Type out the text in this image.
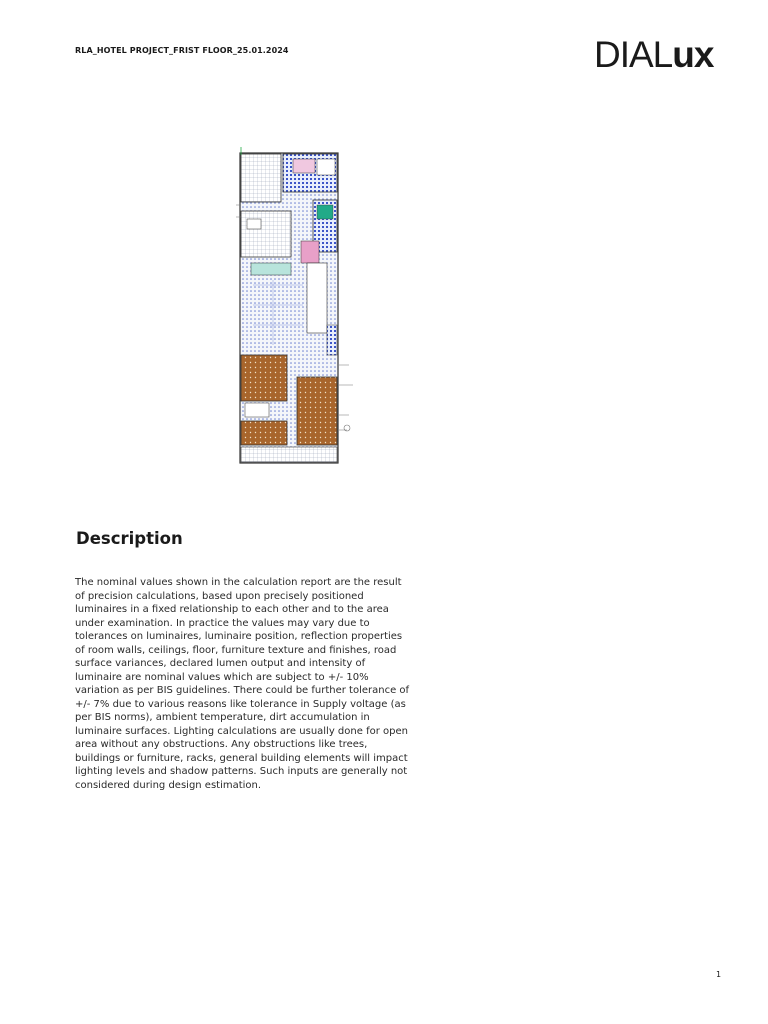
RLA_HOTEL PROJECT_FRIST FLOOR_25.01.2024	DIALux
Description

The nominal values shown in the calculation report are the result of precision calculations, based upon precisely positioned luminaires in a fixed relationship to each other and to the area under examination. In practice the values may vary due to tolerances on luminaires, luminaire position, reflection properties of room walls, ceilings, floor, furniture texture and finishes, road surface variances, declared lumen output and intensity of luminaire are nominal values which are subject to +/- 10% variation as per BIS guidelines. There could be further tolerance of +/- 7% due to various reasons like tolerance in Supply voltage (as per BIS norms), ambient temperature, dirt accumulation in luminaire surfaces. Lighting calculations are usually done for open area without any obstructions. Any obstructions like trees, buildings or furniture, racks, general building elements will impact lighting levels and shadow patterns. Such inputs are generally not considered during design estimation.

1
